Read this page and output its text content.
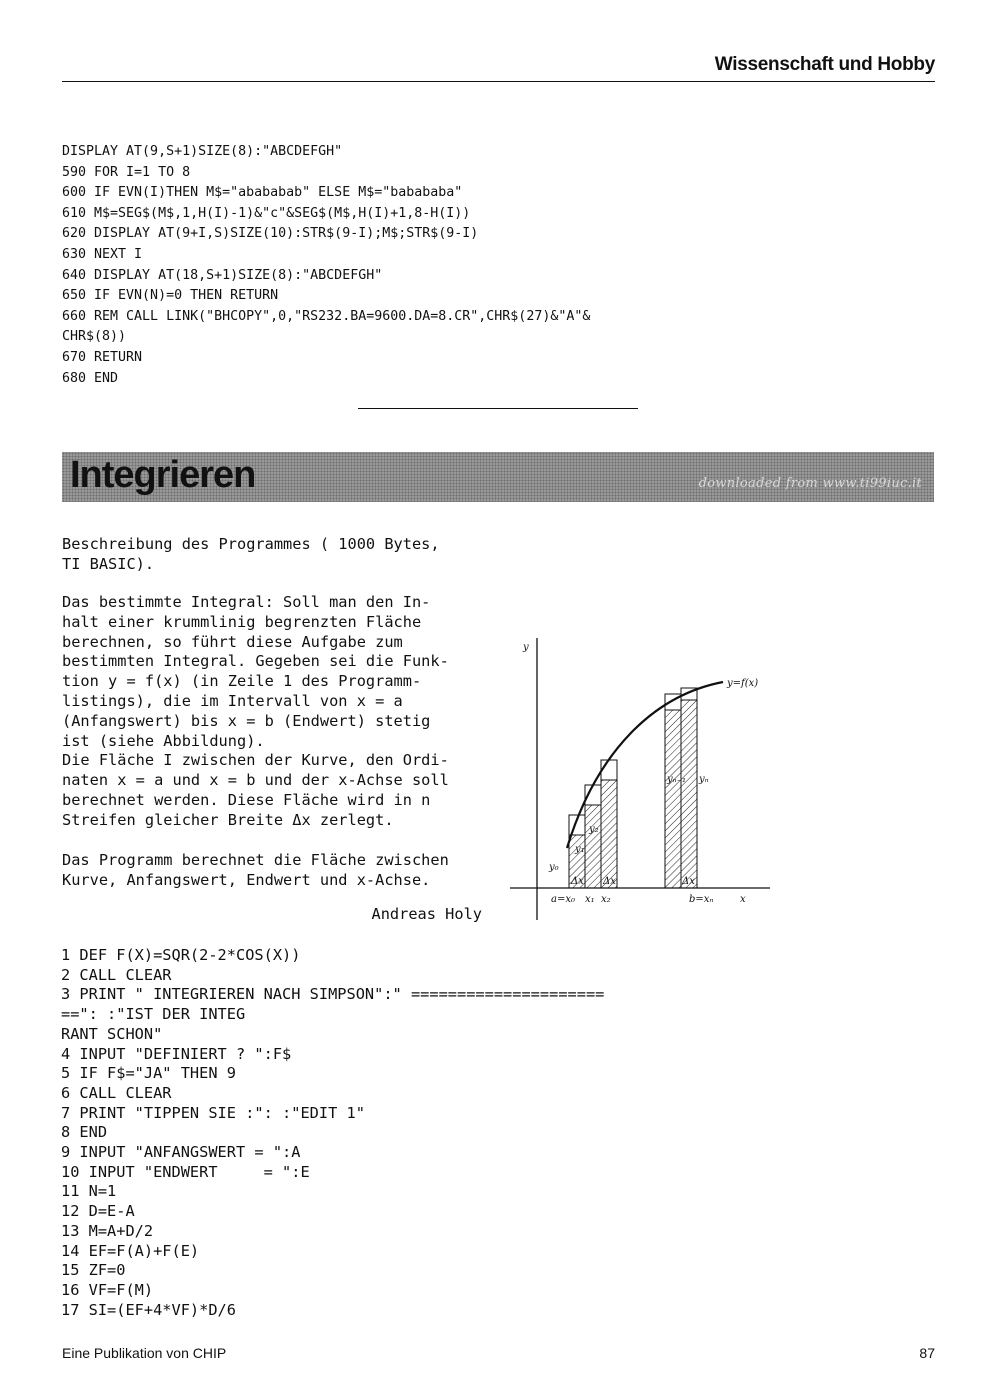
Wissenschaft und Hobby
DISPLAY AT(9,S+1)SIZE(8):"ABCDEFGH"
590 FOR I=1 TO 8
600 IF EVN(I)THEN M$="abababab" ELSE M$="babababa"
610 M$=SEG$(M$,1,H(I)-1)&"c"&SEG$(M$,H(I)+1,8-H(I))
620 DISPLAY AT(9+I,S)SIZE(10):STR$(9-I);M$;STR$(9-I)
630 NEXT I
640 DISPLAY AT(18,S+1)SIZE(8):"ABCDEFGH"
650 IF EVN(N)=0 THEN RETURN
660 REM CALL LINK("BHCOPY",0,"RS232.BA=9600.DA=8.CR",CHR$(27)&"A"&
CHR$(8))
670 RETURN
680 END
Integrieren	downloaded from www.ti99iuc.it

Beschreibung des Programmes ( 1000 Bytes,
TI BASIC).

Das bestimmte Integral: Soll man den In-
halt einer krummlinig begrenzten Fläche
berechnen, so führt diese Aufgabe zum
bestimmten Integral. Gegeben sei die Funk-
tion y = f(x) (in Zeile 1 des Programm-
listings), die im Intervall von x = a
(Anfangswert) bis x = b (Endwert) stetig
ist (siehe Abbildung).
Die Fläche I zwischen der Kurve, den Ordi-
naten x = a und x = b und der x-Achse soll
berechnet werden. Diese Fläche wird in n
Streifen gleicher Breite Δx zerlegt.

Das Programm berechnet die Fläche zwischen
Kurve, Anfangswert, Endwert und x-Achse.

Andreas Holy
y
x
y=f(x)
y₀
y₁
y₂
yₙ₋₁ yₙ
Δx Δx	Δx
a=x₀ x₁ x₂	b=xₙ
1 DEF F(X)=SQR(2-2*COS(X))
2 CALL CLEAR
3 PRINT " INTEGRIEREN NACH SIMPSON":" =====================
==": :"IST DER INTEG
RANT SCHON"
4 INPUT "DEFINIERT ? ":F$
5 IF F$="JA" THEN 9
6 CALL CLEAR
7 PRINT "TIPPEN SIE :": :"EDIT 1"
8 END
9 INPUT "ANFANGSWERT = ":A
10 INPUT "ENDWERT     = ":E
11 N=1
12 D=E-A
13 M=A+D/2
14 EF=F(A)+F(E)
15 ZF=0
16 VF=F(M)
17 SI=(EF+4*VF)*D/6
Eine Publikation von CHIP	87
